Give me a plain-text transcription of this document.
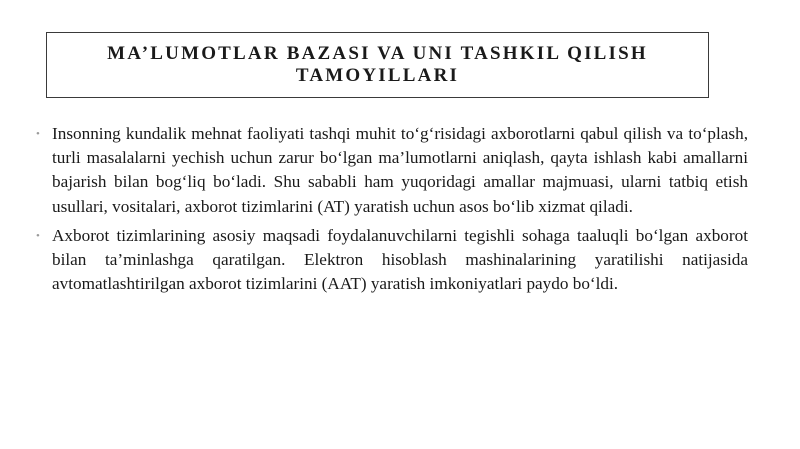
MA’LUMOTLAR BAZASI VA UNI TASHKIL QILISH TAMOYILLARI
• Insonning kundalik mehnat faoliyati tashqi muhit to‘g‘risidagi axborotlarni qabul qilish va to‘plash, turli masalalarni yechish uchun zarur bo‘lgan ma’lumotlarni aniqlash, qayta ishlash kabi amallarni bajarish bilan bog‘liq bo‘ladi. Shu sababli ham yuqoridagi amallar majmuasi, ularni tatbiq etish usullari, vositalari, axborot tizimlarini (AT) yaratish uchun asos bo‘lib xizmat qiladi.
• Axborot tizimlarining asosiy maqsadi foydalanuvchilarni tegishli sohaga taaluqli bo‘lgan axborot bilan ta’minlashga qaratilgan. Elektron hisoblash mashinalarining yaratilishi natijasida avtomatlashtirilgan axborot tizimlarini (AAT) yaratish imkoniyatlari paydo bo‘ldi.
